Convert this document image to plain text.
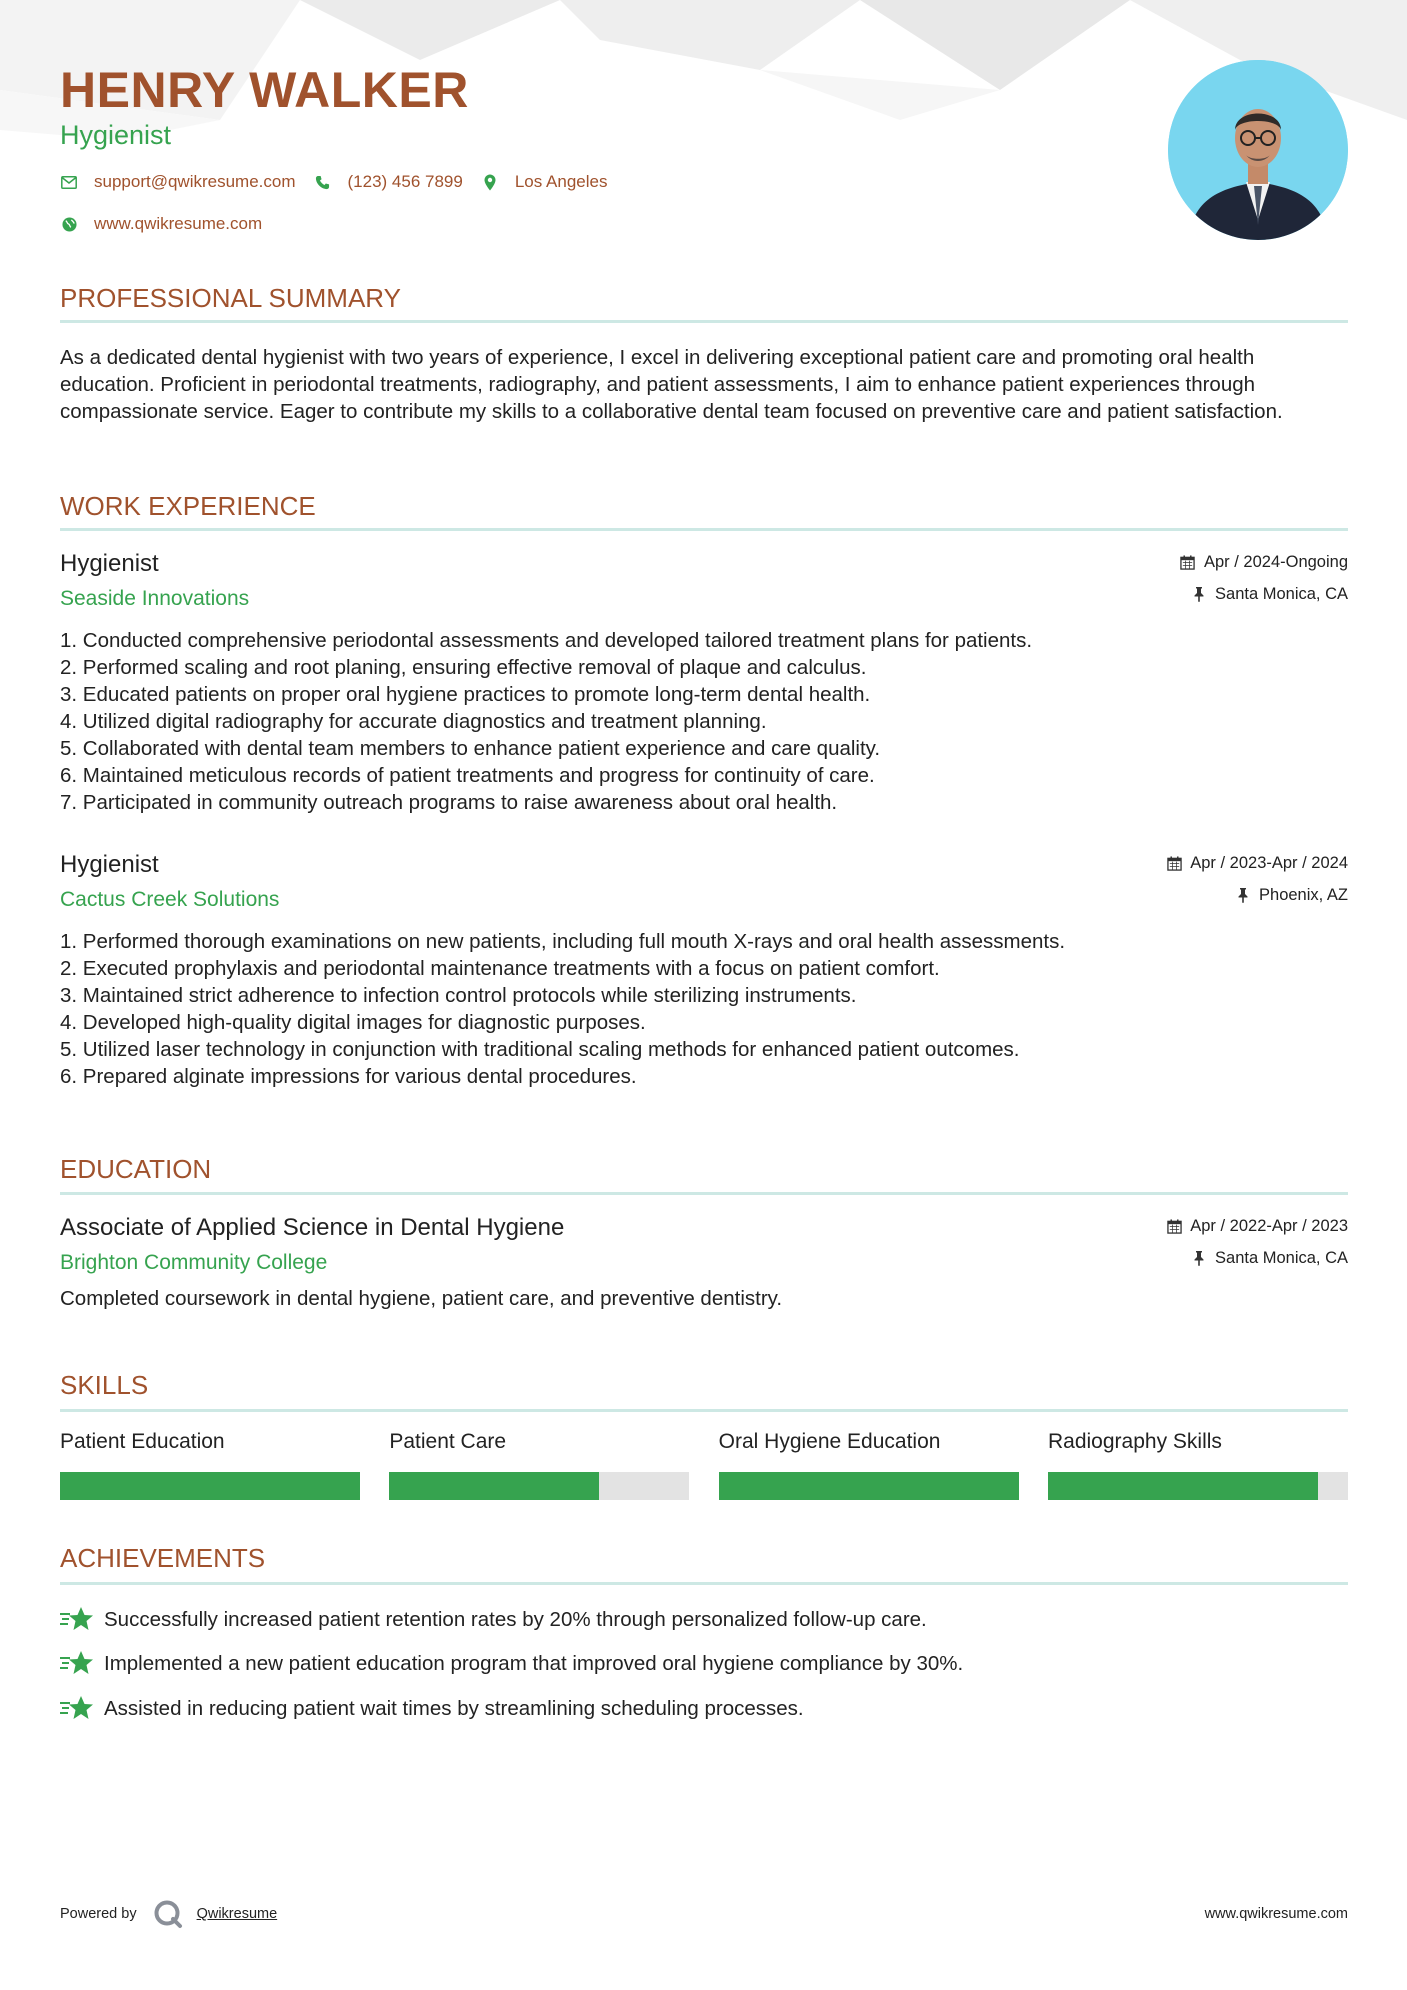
HENRY WALKER
Hygienist
support@qwikresume.com	(123) 456 7899	Los Angeles
www.qwikresume.com
PROFESSIONAL SUMMARY
As a dedicated dental hygienist with two years of experience, I excel in delivering exceptional patient care and promoting oral health education. Proficient in periodontal treatments, radiography, and patient assessments, I aim to enhance patient experiences through compassionate service. Eager to contribute my skills to a collaborative dental team focused on preventive care and patient satisfaction.
WORK EXPERIENCE
Hygienist
Seaside Innovations
Apr / 2024-Ongoing
Santa Monica, CA
1. Conducted comprehensive periodontal assessments and developed tailored treatment plans for patients.
2. Performed scaling and root planing, ensuring effective removal of plaque and calculus.
3. Educated patients on proper oral hygiene practices to promote long-term dental health.
4. Utilized digital radiography for accurate diagnostics and treatment planning.
5. Collaborated with dental team members to enhance patient experience and care quality.
6. Maintained meticulous records of patient treatments and progress for continuity of care.
7. Participated in community outreach programs to raise awareness about oral health.
Hygienist
Cactus Creek Solutions
Apr / 2023-Apr / 2024
Phoenix, AZ
1. Performed thorough examinations on new patients, including full mouth X-rays and oral health assessments.
2. Executed prophylaxis and periodontal maintenance treatments with a focus on patient comfort.
3. Maintained strict adherence to infection control protocols while sterilizing instruments.
4. Developed high-quality digital images for diagnostic purposes.
5. Utilized laser technology in conjunction with traditional scaling methods for enhanced patient outcomes.
6. Prepared alginate impressions for various dental procedures.
EDUCATION
Associate of Applied Science in Dental Hygiene
Brighton Community College
Apr / 2022-Apr / 2023
Santa Monica, CA
Completed coursework in dental hygiene, patient care, and preventive dentistry.
SKILLS
Patient Education	Patient Care	Oral Hygiene Education	Radiography Skills
ACHIEVEMENTS
Successfully increased patient retention rates by 20% through personalized follow-up care.
Implemented a new patient education program that improved oral hygiene compliance by 30%.
Assisted in reducing patient wait times by streamlining scheduling processes.
Powered by	Qwikresume	www.qwikresume.com
